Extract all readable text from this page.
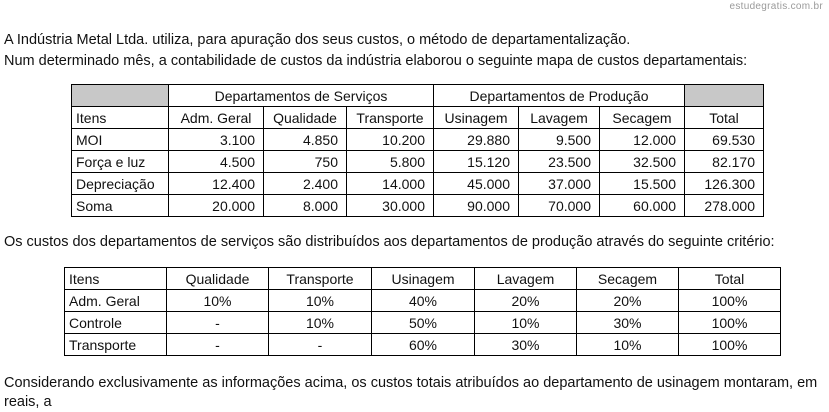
estudegratis.com.br
A Indústria Metal Ltda. utiliza, para apuração dos seus custos, o método de departamentalização.
Num determinado mês, a contabilidade de custos da indústria elaborou o seguinte mapa de custos departamentais:
	Departamentos de Serviços			Departamentos de Produção			
Itens	Adm. Geral	Qualidade	Transporte	Usinagem	Lavagem	Secagem	Total
MOI	3.100	4.850	10.200	29.880	9.500	12.000	69.530
Força e luz	4.500	750	5.800	15.120	23.500	32.500	82.170
Depreciação	12.400	2.400	14.000	45.000	37.000	15.500	126.300
Soma	20.000	8.000	30.000	90.000	70.000	60.000	278.000
Os custos dos departamentos de serviços são distribuídos aos departamentos de produção através do seguinte critério:
Itens	Qualidade	Transporte	Usinagem	Lavagem	Secagem	Total
Adm. Geral	10%	10%	40%	20%	20%	100%
Controle	-	10%	50%	10%	30%	100%
Transporte	-	-	60%	30%	10%	100%
Considerando exclusivamente as informações acima, os custos totais atribuídos ao departamento de usinagem montaram, em reais, a
